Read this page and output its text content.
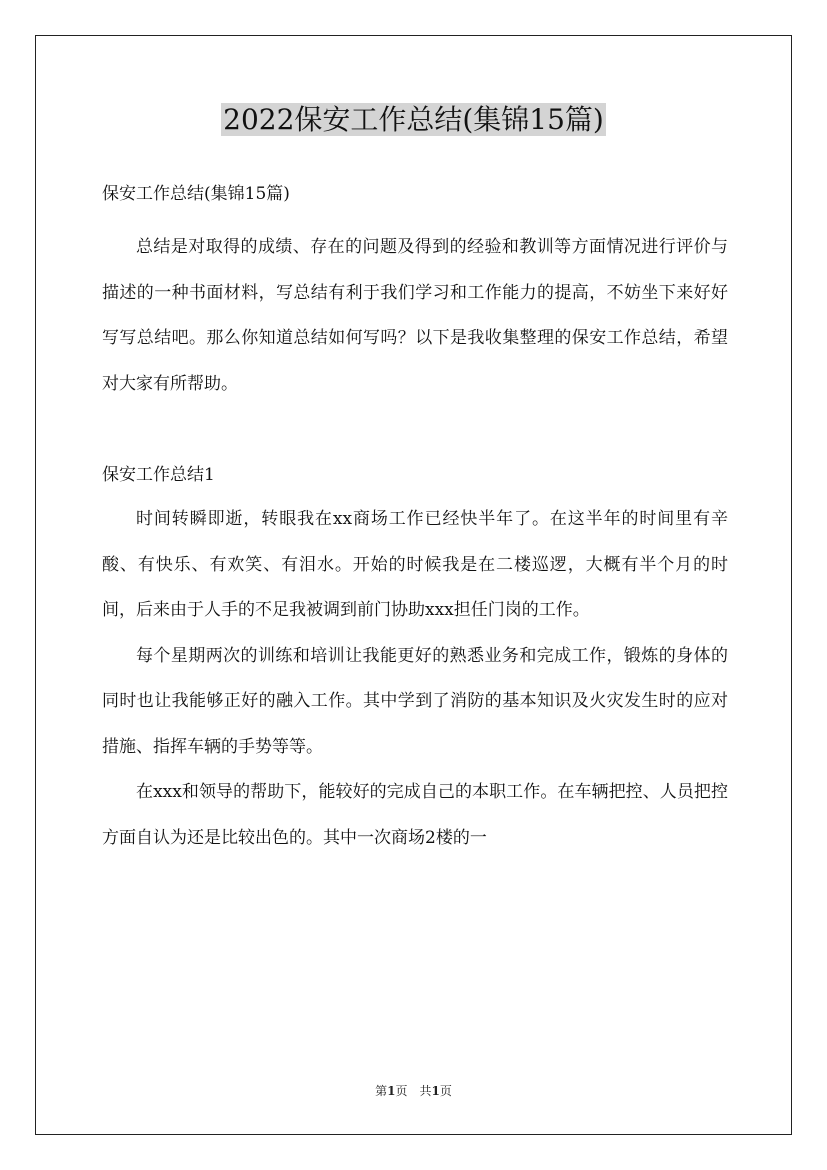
2022保安工作总结(集锦15篇)

保安工作总结(集锦15篇)

总结是对取得的成绩、存在的问题及得到的经验和教训等方面情况进行评价与描述的一种书面材料，写总结有利于我们学习和工作能力的提高，不妨坐下来好好写写总结吧。那么你知道总结如何写吗？以下是我收集整理的保安工作总结，希望对大家有所帮助。

保安工作总结1

时间转瞬即逝，转眼我在xx商场工作已经快半年了。在这半年的时间里有辛酸、有快乐、有欢笑、有泪水。开始的时候我是在二楼巡逻，大概有半个月的时间，后来由于人手的不足我被调到前门协助xxx担任门岗的工作。

每个星期两次的训练和培训让我能更好的熟悉业务和完成工作，锻炼的身体的同时也让我能够正好的融入工作。其中学到了消防的基本知识及火灾发生时的应对措施、指挥车辆的手势等等。

在xxx和领导的帮助下，能较好的完成自己的本职工作。在车辆把控、人员把控方面自认为还是比较出色的。其中一次商场2楼的一

第1页　共1页
